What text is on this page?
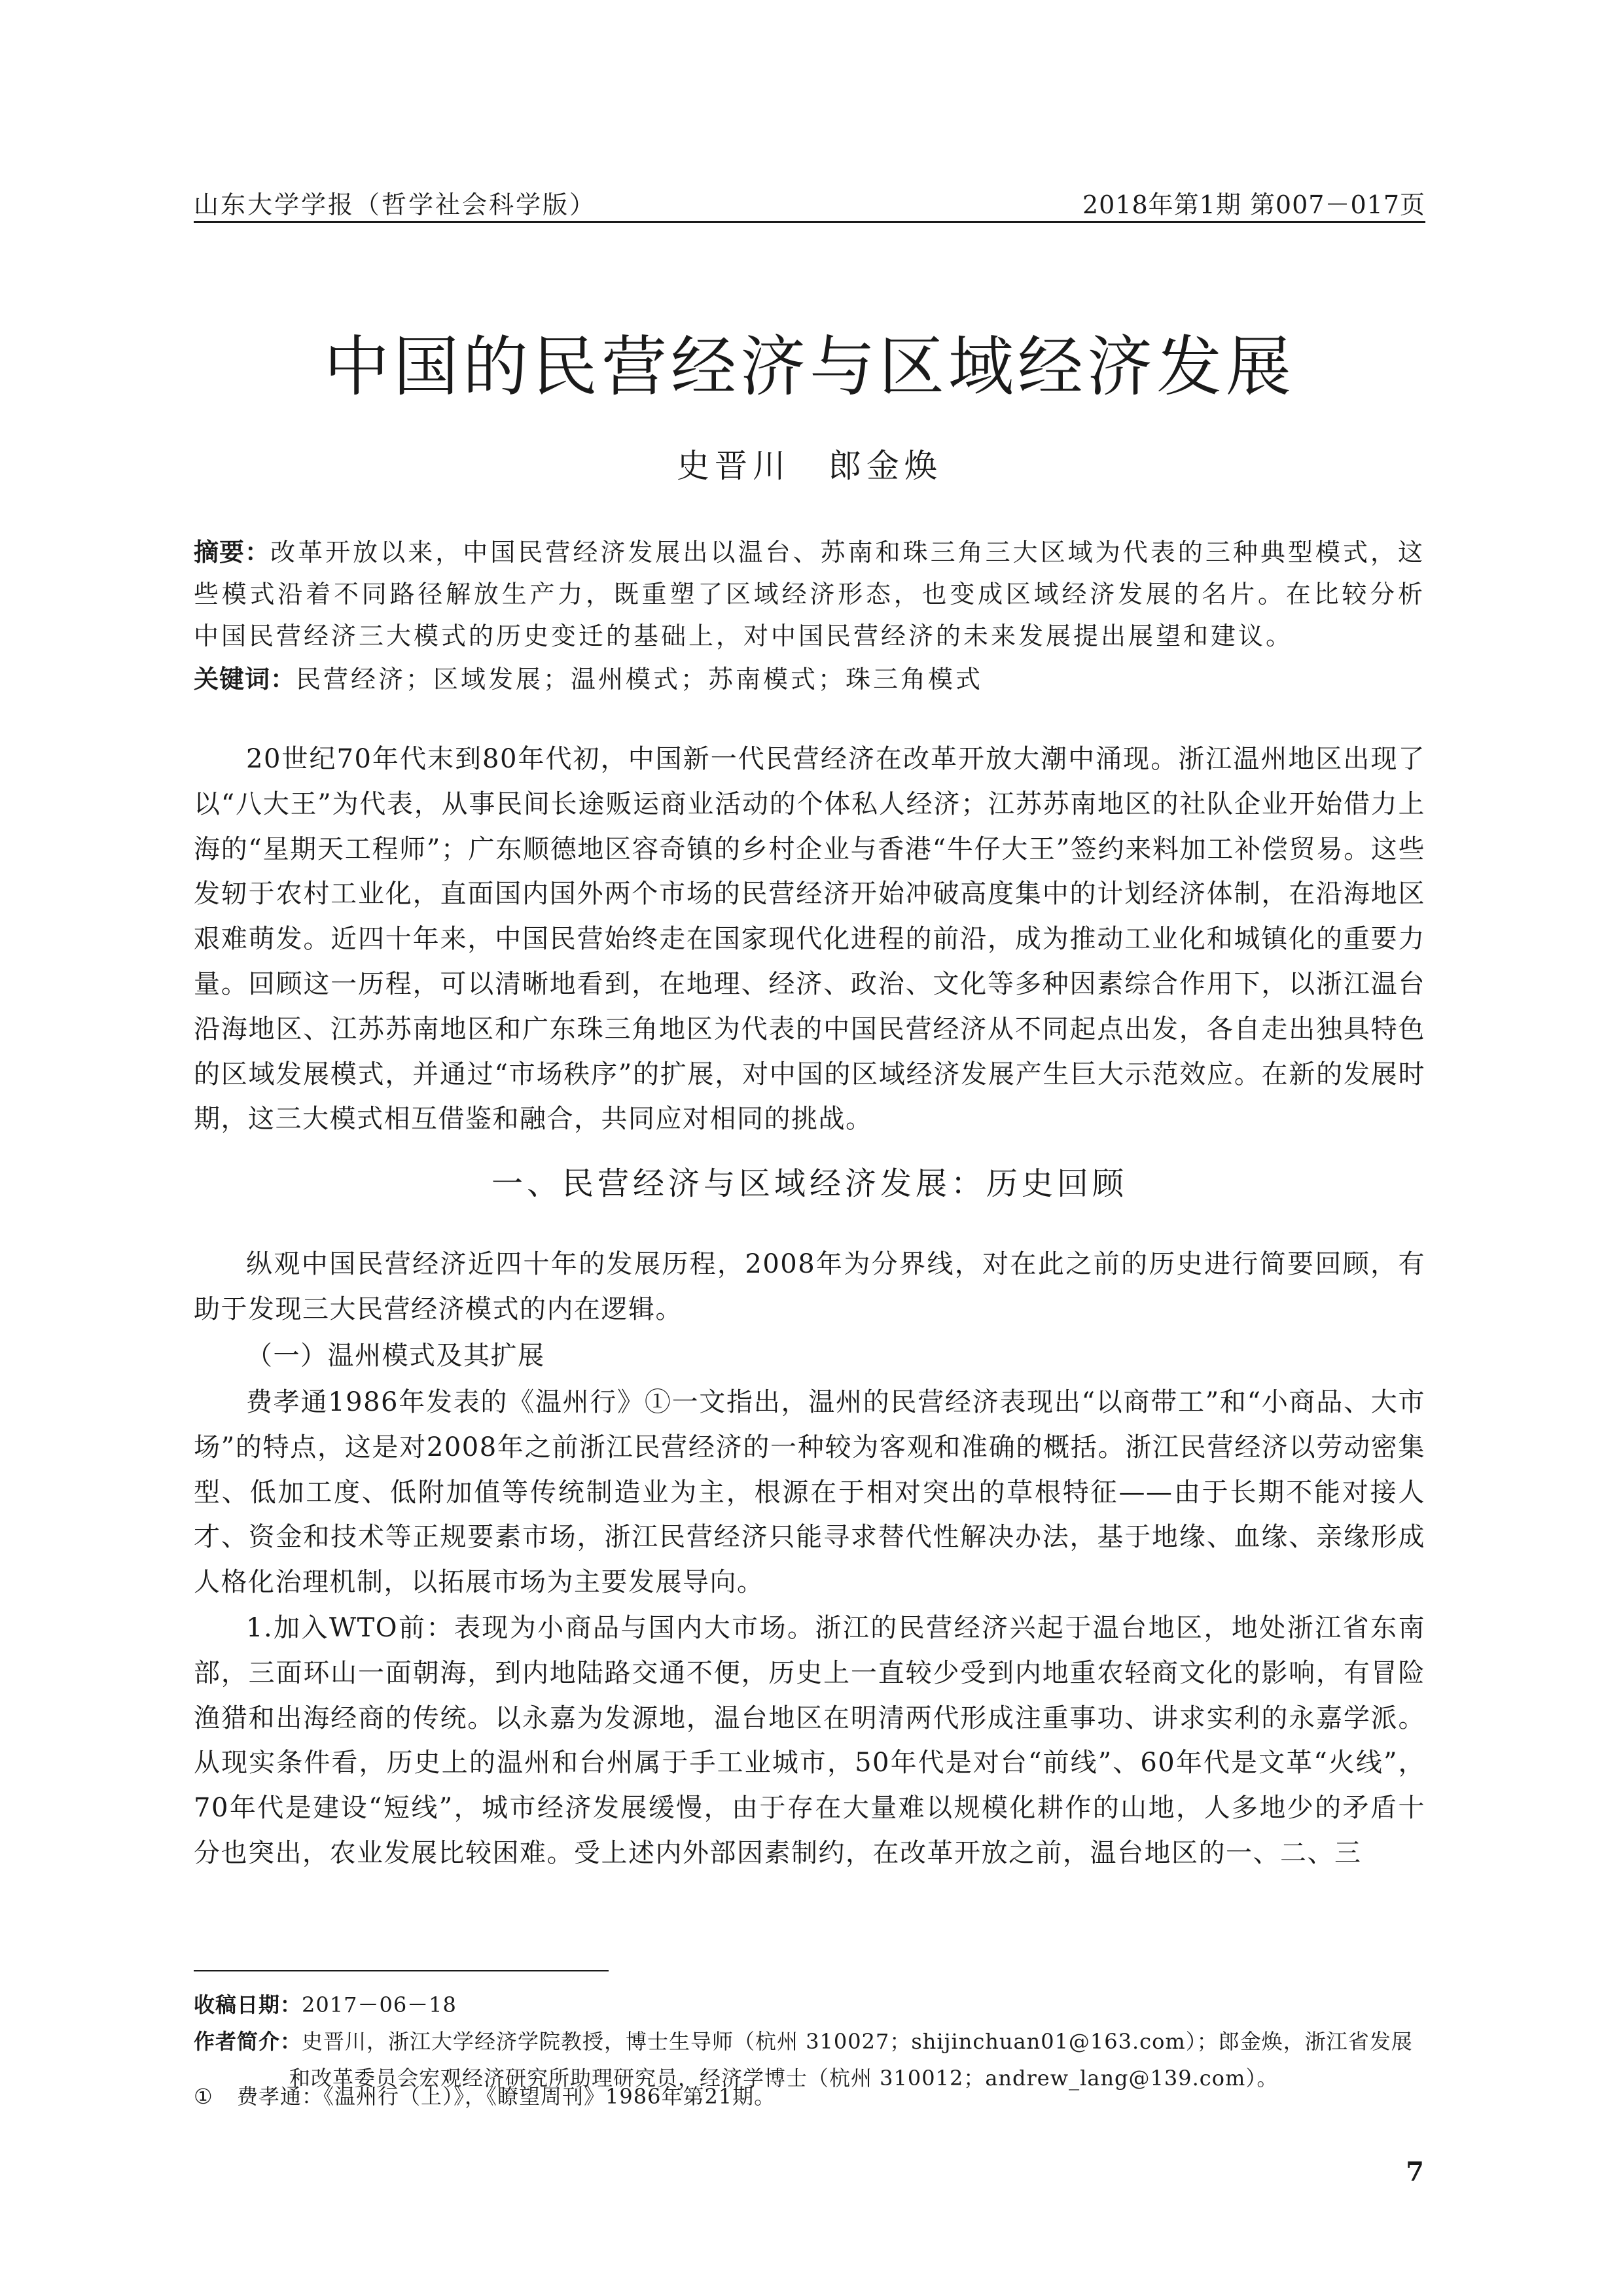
山东大学学报（哲学社会科学版）	2018年第1期 第007－017页
中国的民营经济与区域经济发展
史晋川　郎金焕
摘要：改革开放以来，中国民营经济发展出以温台、苏南和珠三角三大区域为代表的三种典型模式，这些模式沿着不同路径解放生产力，既重塑了区域经济形态，也变成区域经济发展的名片。在比较分析中国民营经济三大模式的历史变迁的基础上，对中国民营经济的未来发展提出展望和建议。
关键词：民营经济；区域发展；温州模式；苏南模式；珠三角模式
20世纪70年代末到80年代初，中国新一代民营经济在改革开放大潮中涌现。浙江温州地区出现了以“八大王”为代表，从事民间长途贩运商业活动的个体私人经济；江苏苏南地区的社队企业开始借力上海的“星期天工程师”；广东顺德地区容奇镇的乡村企业与香港“牛仔大王”签约来料加工补偿贸易。这些发轫于农村工业化，直面国内国外两个市场的民营经济开始冲破高度集中的计划经济体制，在沿海地区艰难萌发。近四十年来，中国民营始终走在国家现代化进程的前沿，成为推动工业化和城镇化的重要力量。回顾这一历程，可以清晰地看到，在地理、经济、政治、文化等多种因素综合作用下，以浙江温台沿海地区、江苏苏南地区和广东珠三角地区为代表的中国民营经济从不同起点出发，各自走出独具特色的区域发展模式，并通过“市场秩序”的扩展，对中国的区域经济发展产生巨大示范效应。在新的发展时期，这三大模式相互借鉴和融合，共同应对相同的挑战。
一、民营经济与区域经济发展：历史回顾
纵观中国民营经济近四十年的发展历程，2008年为分界线，对在此之前的历史进行简要回顾，有助于发现三大民营经济模式的内在逻辑。
（一）温州模式及其扩展
费孝通1986年发表的《温州行》①一文指出，温州的民营经济表现出“以商带工”和“小商品、大市场”的特点，这是对2008年之前浙江民营经济的一种较为客观和准确的概括。浙江民营经济以劳动密集型、低加工度、低附加值等传统制造业为主，根源在于相对突出的草根特征——由于长期不能对接人才、资金和技术等正规要素市场，浙江民营经济只能寻求替代性解决办法，基于地缘、血缘、亲缘形成人格化治理机制，以拓展市场为主要发展导向。
1.加入WTO前：表现为小商品与国内大市场。浙江的民营经济兴起于温台地区，地处浙江省东南部，三面环山一面朝海，到内地陆路交通不便，历史上一直较少受到内地重农轻商文化的影响，有冒险渔猎和出海经商的传统。以永嘉为发源地，温台地区在明清两代形成注重事功、讲求实利的永嘉学派。从现实条件看，历史上的温州和台州属于手工业城市，50年代是对台“前线”、60年代是文革“火线”，70年代是建设“短线”，城市经济发展缓慢，由于存在大量难以规模化耕作的山地，人多地少的矛盾十分也突出，农业发展比较困难。受上述内外部因素制约，在改革开放之前，温台地区的一、二、三
收稿日期：2017－06－18
作者简介：史晋川，浙江大学经济学院教授，博士生导师（杭州 310027；shijinchuan01@163.com）；郎金焕，浙江省发展和改革委员会宏观经济研究所助理研究员，经济学博士（杭州 310012；andrew_lang@139.com）。
① 费孝通：《温州行（上）》，《瞭望周刊》1986年第21期。
7
